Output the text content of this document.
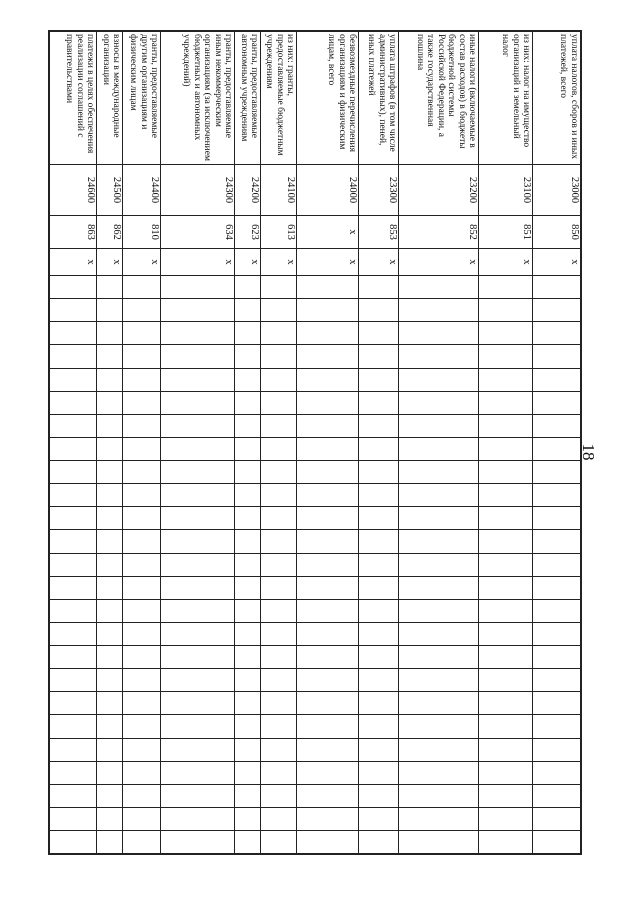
18
уплата налогов, сборов и иных платежей, всего	23000	850	x																									
из них: налог на имущество организаций и земельный налог	23100	851	x																									
иные налоги (включаемые в состав расходов) в бюджеты бюджетной системы Российской Федерации, а также государственная пошлина	23200	852	x																									
уплата штрафов (в том числе административных), пеней, иных платежей	23300	853	x																									
безвозмездные перечисления организациям и физическим лицам, всего	24000	x	x																									
из них: гранты, предоставляемые бюджетным учреждениям	24100	613	x																									
гранты, предоставляемые автономным учреждениям	24200	623	x																									
гранты, предоставляемые иным некоммерческим организациям (за исключением бюджетных и автономных учреждений)	24300	634	x																									
гранты, предоставляемые другим организациям и физическим лицам	24400	810	x																									
взносы в международные организации	24500	862	x																									
платежи в целях обеспечения реализации соглашений с правительствами	24600	863	x																									
